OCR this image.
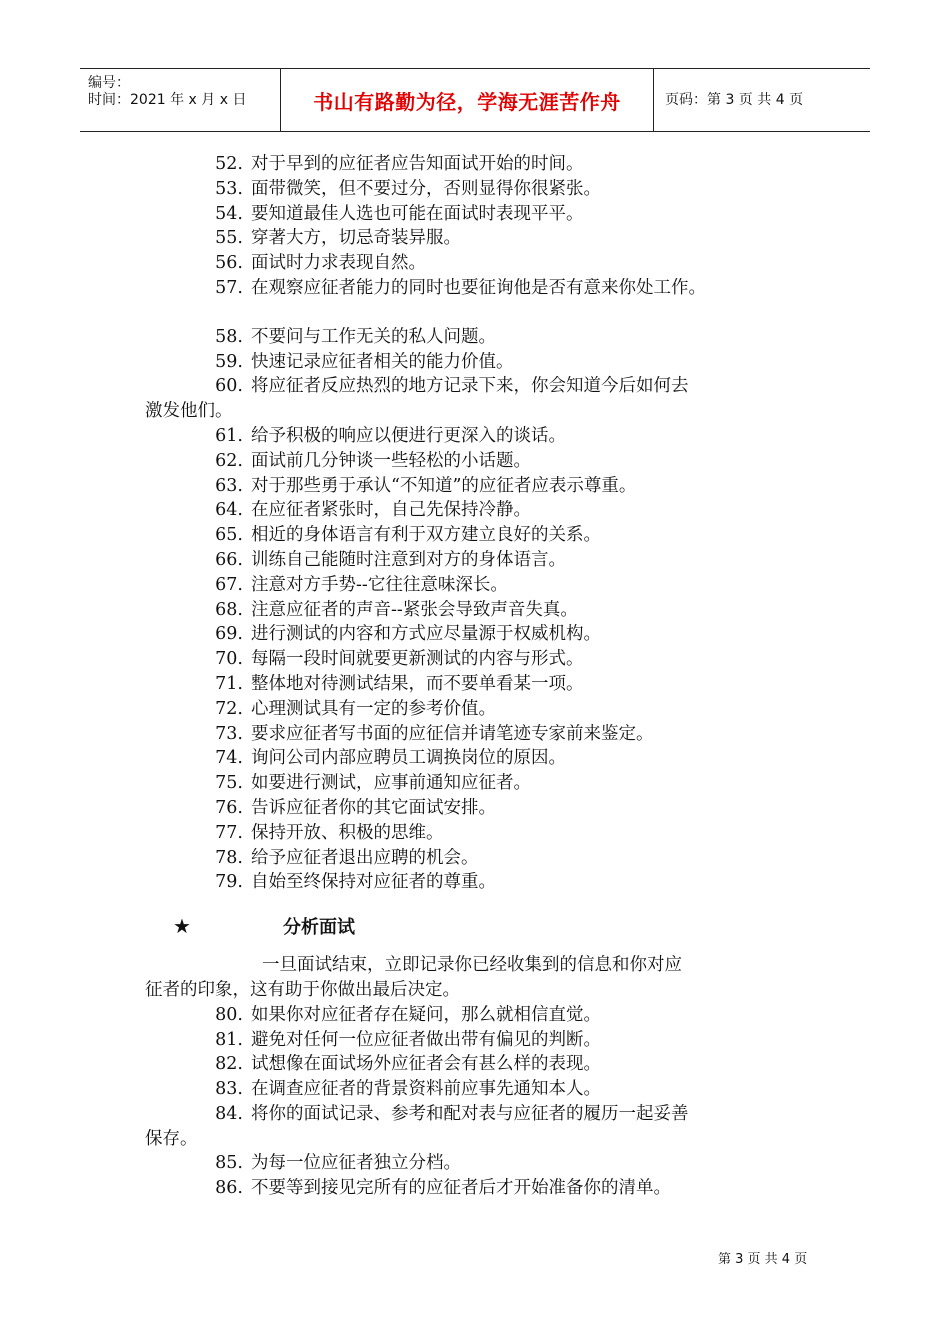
编号：
时间：2021 年 x 月 x 日	书山有路勤为径，学海无涯苦作舟	页码：第 3 页 共 4 页
52. 对于早到的应征者应告知面试开始的时间。
53. 面带微笑，但不要过分，否则显得你很紧张。
54. 要知道最佳人选也可能在面试时表现平平。
55. 穿著大方，切忌奇装异服。
56. 面试时力求表现自然。
57. 在观察应征者能力的同时也要征询他是否有意来你处工作。
58. 不要问与工作无关的私人问题。
59. 快速记录应征者相关的能力价值。
60. 将应征者反应热烈的地方记录下来，你会知道今后如何去
激发他们。
61. 给予积极的响应以便进行更深入的谈话。
62. 面试前几分钟谈一些轻松的小话题。
63. 对于那些勇于承认“不知道”的应征者应表示尊重。
64. 在应征者紧张时，自己先保持冷静。
65. 相近的身体语言有利于双方建立良好的关系。
66. 训练自己能随时注意到对方的身体语言。
67. 注意对方手势--它往往意味深长。
68. 注意应征者的声音--紧张会导致声音失真。
69. 进行测试的内容和方式应尽量源于权威机构。
70. 每隔一段时间就要更新测试的内容与形式。
71. 整体地对待测试结果，而不要单看某一项。
72. 心理测试具有一定的参考价值。
73. 要求应征者写书面的应征信并请笔迹专家前来鉴定。
74. 询问公司内部应聘员工调换岗位的原因。
75. 如要进行测试，应事前通知应征者。
76. 告诉应征者你的其它面试安排。
77. 保持开放、积极的思维。
78. 给予应征者退出应聘的机会。
79. 自始至终保持对应征者的尊重。
★	分析面试
一旦面试结束，立即记录你已经收集到的信息和你对应
征者的印象，这有助于你做出最后决定。
80. 如果你对应征者存在疑问，那么就相信直觉。
81. 避免对任何一位应征者做出带有偏见的判断。
82. 试想像在面试场外应征者会有甚么样的表现。
83. 在调查应征者的背景资料前应事先通知本人。
84. 将你的面试记录、参考和配对表与应征者的履历一起妥善
保存。
85. 为每一位应征者独立分档。
86. 不要等到接见完所有的应征者后才开始准备你的清单。
第 3 页 共 4 页
